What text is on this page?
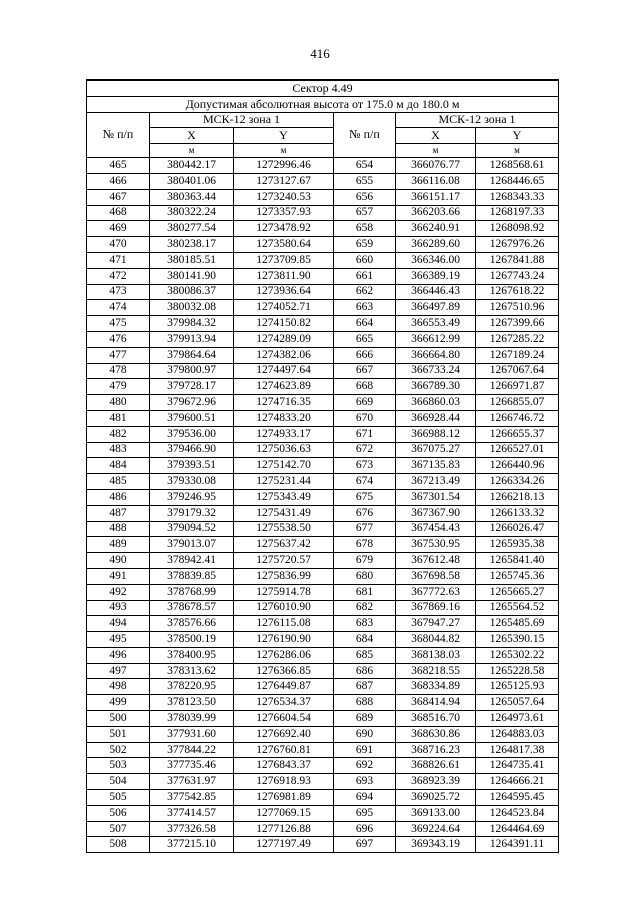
416
Сектор 4.49					
Допустимая абсолютная высота от 175.0 м до 180.0 м					
№ п/п	МСК-12 зона 1		№ п/п	МСК-12 зона 1	
	X	Y		X	Y
	м	м		м	м
465	380442.17	1272996.46	654	366076.77	1268568.61
466	380401.06	1273127.67	655	366116.08	1268446.65
467	380363.44	1273240.53	656	366151.17	1268343.33
468	380322.24	1273357.93	657	366203.66	1268197.33
469	380277.54	1273478.92	658	366240.91	1268098.92
470	380238.17	1273580.64	659	366289.60	1267976.26
471	380185.51	1273709.85	660	366346.00	1267841.88
472	380141.90	1273811.90	661	366389.19	1267743.24
473	380086.37	1273936.64	662	366446.43	1267618.22
474	380032.08	1274052.71	663	366497.89	1267510.96
475	379984.32	1274150.82	664	366553.49	1267399.66
476	379913.94	1274289.09	665	366612.99	1267285.22
477	379864.64	1274382.06	666	366664.80	1267189.24
478	379800.97	1274497.64	667	366733.24	1267067.64
479	379728.17	1274623.89	668	366789.30	1266971.87
480	379672.96	1274716.35	669	366860.03	1266855.07
481	379600.51	1274833.20	670	366928.44	1266746.72
482	379536.00	1274933.17	671	366988.12	1266655.37
483	379466.90	1275036.63	672	367075.27	1266527.01
484	379393.51	1275142.70	673	367135.83	1266440.96
485	379330.08	1275231.44	674	367213.49	1266334.26
486	379246.95	1275343.49	675	367301.54	1266218.13
487	379179.32	1275431.49	676	367367.90	1266133.32
488	379094.52	1275538.50	677	367454.43	1266026.47
489	379013.07	1275637.42	678	367530.95	1265935.38
490	378942.41	1275720.57	679	367612.48	1265841.40
491	378839.85	1275836.99	680	367698.58	1265745.36
492	378768.99	1275914.78	681	367772.63	1265665.27
493	378678.57	1276010.90	682	367869.16	1265564.52
494	378576.66	1276115.08	683	367947.27	1265485.69
495	378500.19	1276190.90	684	368044.82	1265390.15
496	378400.95	1276286.06	685	368138.03	1265302.22
497	378313.62	1276366.85	686	368218.55	1265228.58
498	378220.95	1276449.87	687	368334.89	1265125.93
499	378123.50	1276534.37	688	368414.94	1265057.64
500	378039.99	1276604.54	689	368516.70	1264973.61
501	377931.60	1276692.40	690	368630.86	1264883.03
502	377844.22	1276760.81	691	368716.23	1264817.38
503	377735.46	1276843.37	692	368826.61	1264735.41
504	377631.97	1276918.93	693	368923.39	1264666.21
505	377542.85	1276981.89	694	369025.72	1264595.45
506	377414.57	1277069.15	695	369133.00	1264523.84
507	377326.58	1277126.88	696	369224.64	1264464.69
508	377215.10	1277197.49	697	369343.19	1264391.11
